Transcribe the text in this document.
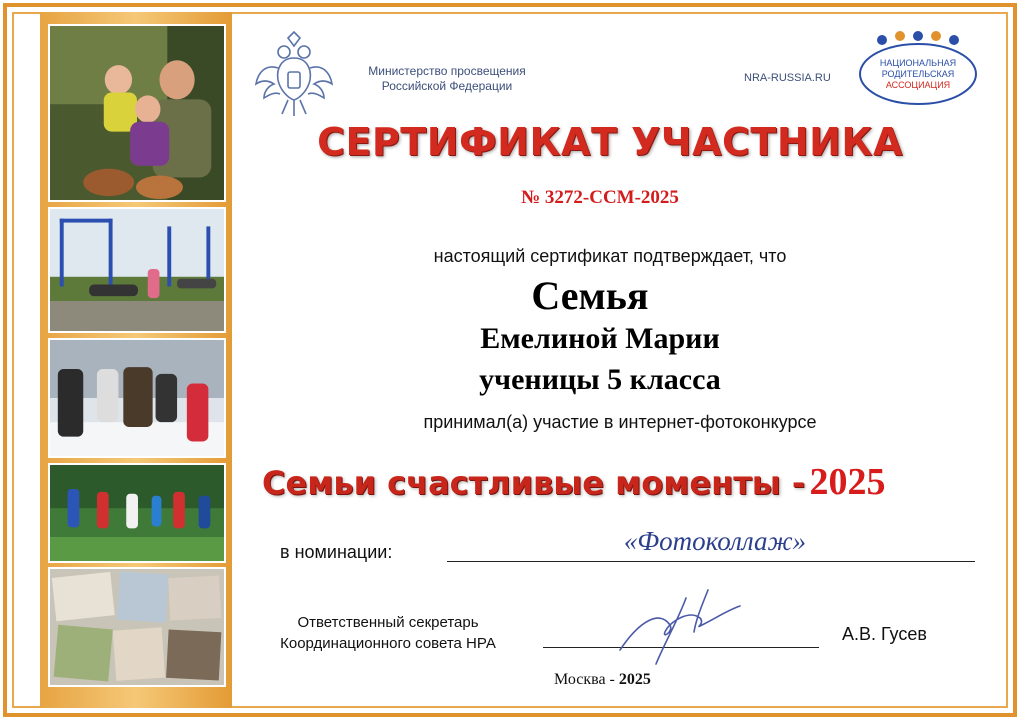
Министерство просвещения
Российской Федерации
NRA-RUSSIA.RU
НАЦИОНАЛЬНАЯ
РОДИТЕЛЬСКАЯ
АССОЦИАЦИЯ
СЕРТИФИКАТ УЧАСТНИКА
№ 3272-ССМ-2025
настоящий сертификат подтверждает, что
Семья
Емелиной Марии
ученицы 5 класса
принимал(а) участие в интернет-фотоконкурсе
Семьи счастливые моменты - 2025
в номинации:	«Фотоколлаж»
Ответственный секретарь
Координационного совета НРА	А.В. Гусев
Москва - 2025
